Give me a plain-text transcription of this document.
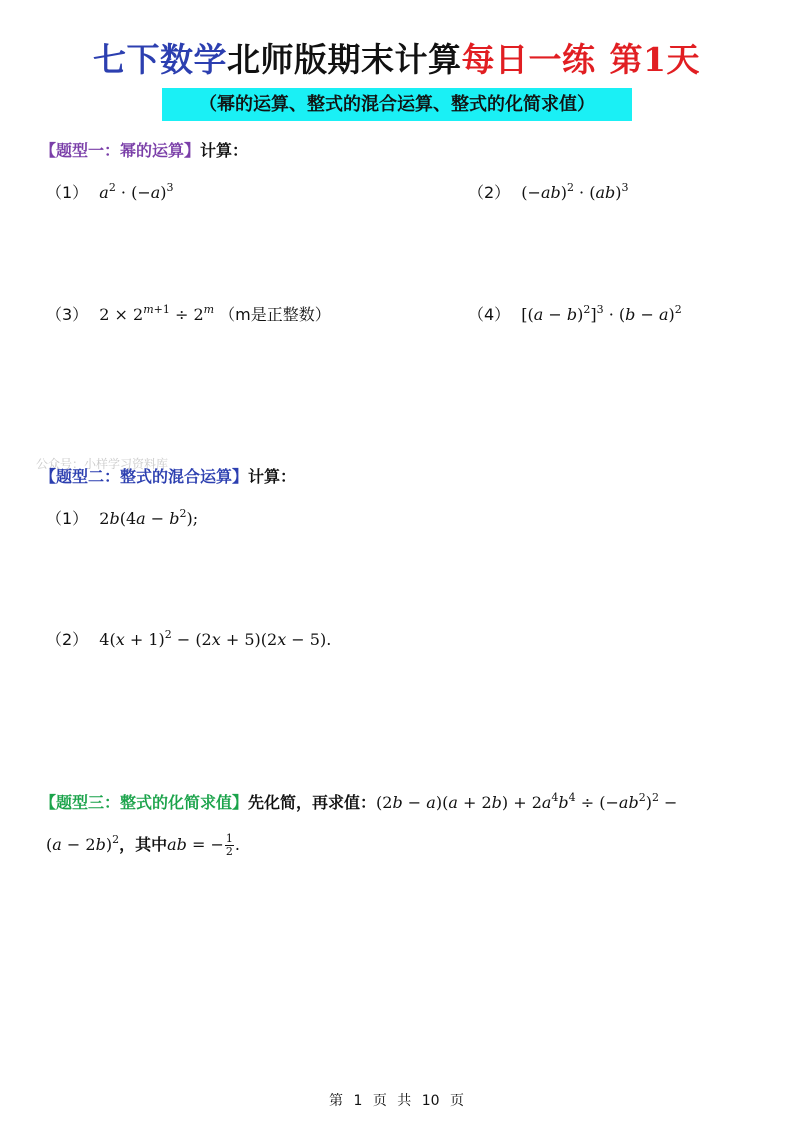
七下数学北师版期末计算每日一练 第1天
（幂的运算、整式的混合运算、整式的化简求值）
【题型一：幂的运算】计算：
（1） $a^2 \cdot (-a)^3$	（2） $(-ab)^2 \cdot (ab)^3$
（3） $2 \times 2^{m+1} \div 2^m$ （m是正整数）	（4） $[(a - b)^2]^3 \cdot (b - a)^2$
公众号：小样学习资料库
【题型二：整式的混合运算】计算：
（1） $2b(4a - b^2)$;
（2） $4(x + 1)^2 - (2x + 5)(2x - 5)$.
【题型三：整式的化简求值】先化简，再求值：$(2b - a)(a + 2b) + 2a^4b^4 \div (-ab^2)^2$ −
$(a - 2b)^2$，其中ab = − $\frac{1}{2}$ .
第 1 页 共 10 页
